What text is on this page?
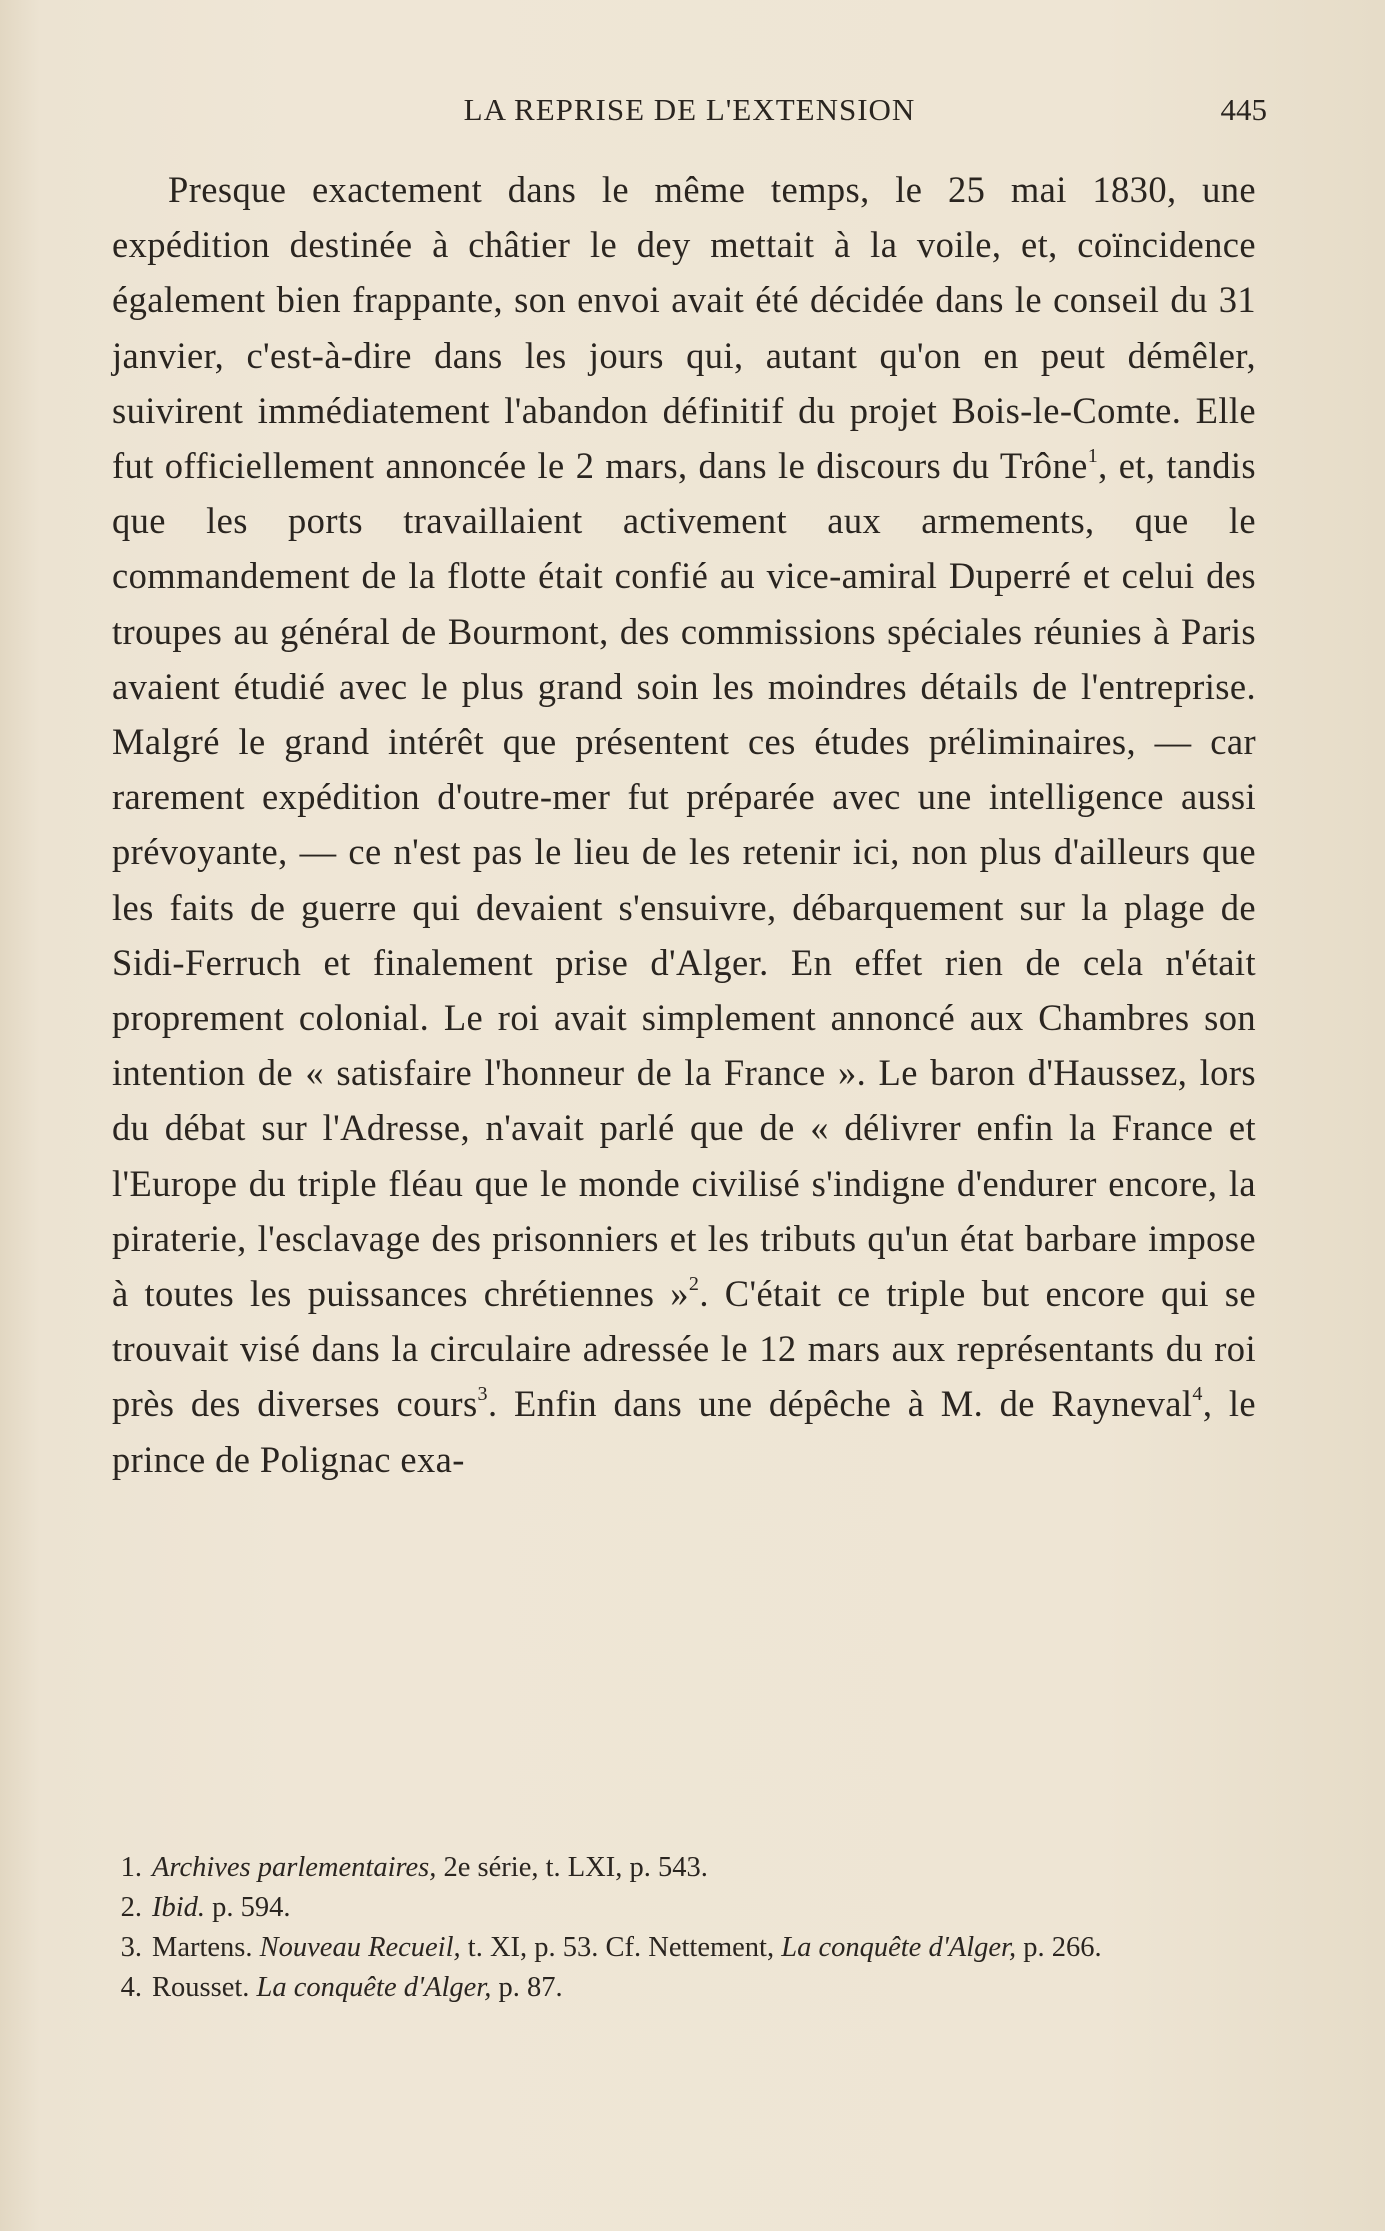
LA REPRISE DE L'EXTENSION	445

Presque exactement dans le même temps, le 25 mai 1830, une expédition destinée à châtier le dey mettait à la voile, et, coïncidence également bien frappante, son envoi avait été décidée dans le conseil du 31 janvier, c'est-à-dire dans les jours qui, autant qu'on en peut démêler, suivirent immédiatement l'abandon définitif du projet Bois-le-Comte. Elle fut officiellement annoncée le 2 mars, dans le discours du Trône$^1$, et, tandis que les ports travaillaient activement aux armements, que le commandement de la flotte était confié au vice-amiral Duperré et celui des troupes au général de Bourmont, des commissions spéciales réunies à Paris avaient étudié avec le plus grand soin les moindres détails de l'entreprise. Malgré le grand intérêt que présentent ces études préliminaires, — car rarement expédition d'outre-mer fut préparée avec une intelligence aussi prévoyante, — ce n'est pas le lieu de les retenir ici, non plus d'ailleurs que les faits de guerre qui devaient s'ensuivre, débarquement sur la plage de Sidi-Ferruch et finalement prise d'Alger. En effet rien de cela n'était proprement colonial. Le roi avait simplement annoncé aux Chambres son intention de « satisfaire l'honneur de la France ». Le baron d'Haussez, lors du débat sur l'Adresse, n'avait parlé que de « délivrer enfin la France et l'Europe du triple fléau que le monde civilisé s'indigne d'endurer encore, la piraterie, l'esclavage des prisonniers et les tributs qu'un état barbare impose à toutes les puissances chrétiennes »$^2$. C'était ce triple but encore qui se trouvait visé dans la circulaire adressée le 12 mars aux représentants du roi près des diverses cours$^3$. Enfin dans une dépêche à M. de Rayneval$^4$, le prince de Polignac exa-

1. Archives parlementaires, 2e série, t. LXI, p. 543.
2. Ibid. p. 594.
3. Martens. Nouveau Recueil, t. XI, p. 53. Cf. Nettement, La conquête d'Alger, p. 266.
4. Rousset. La conquête d'Alger, p. 87.
